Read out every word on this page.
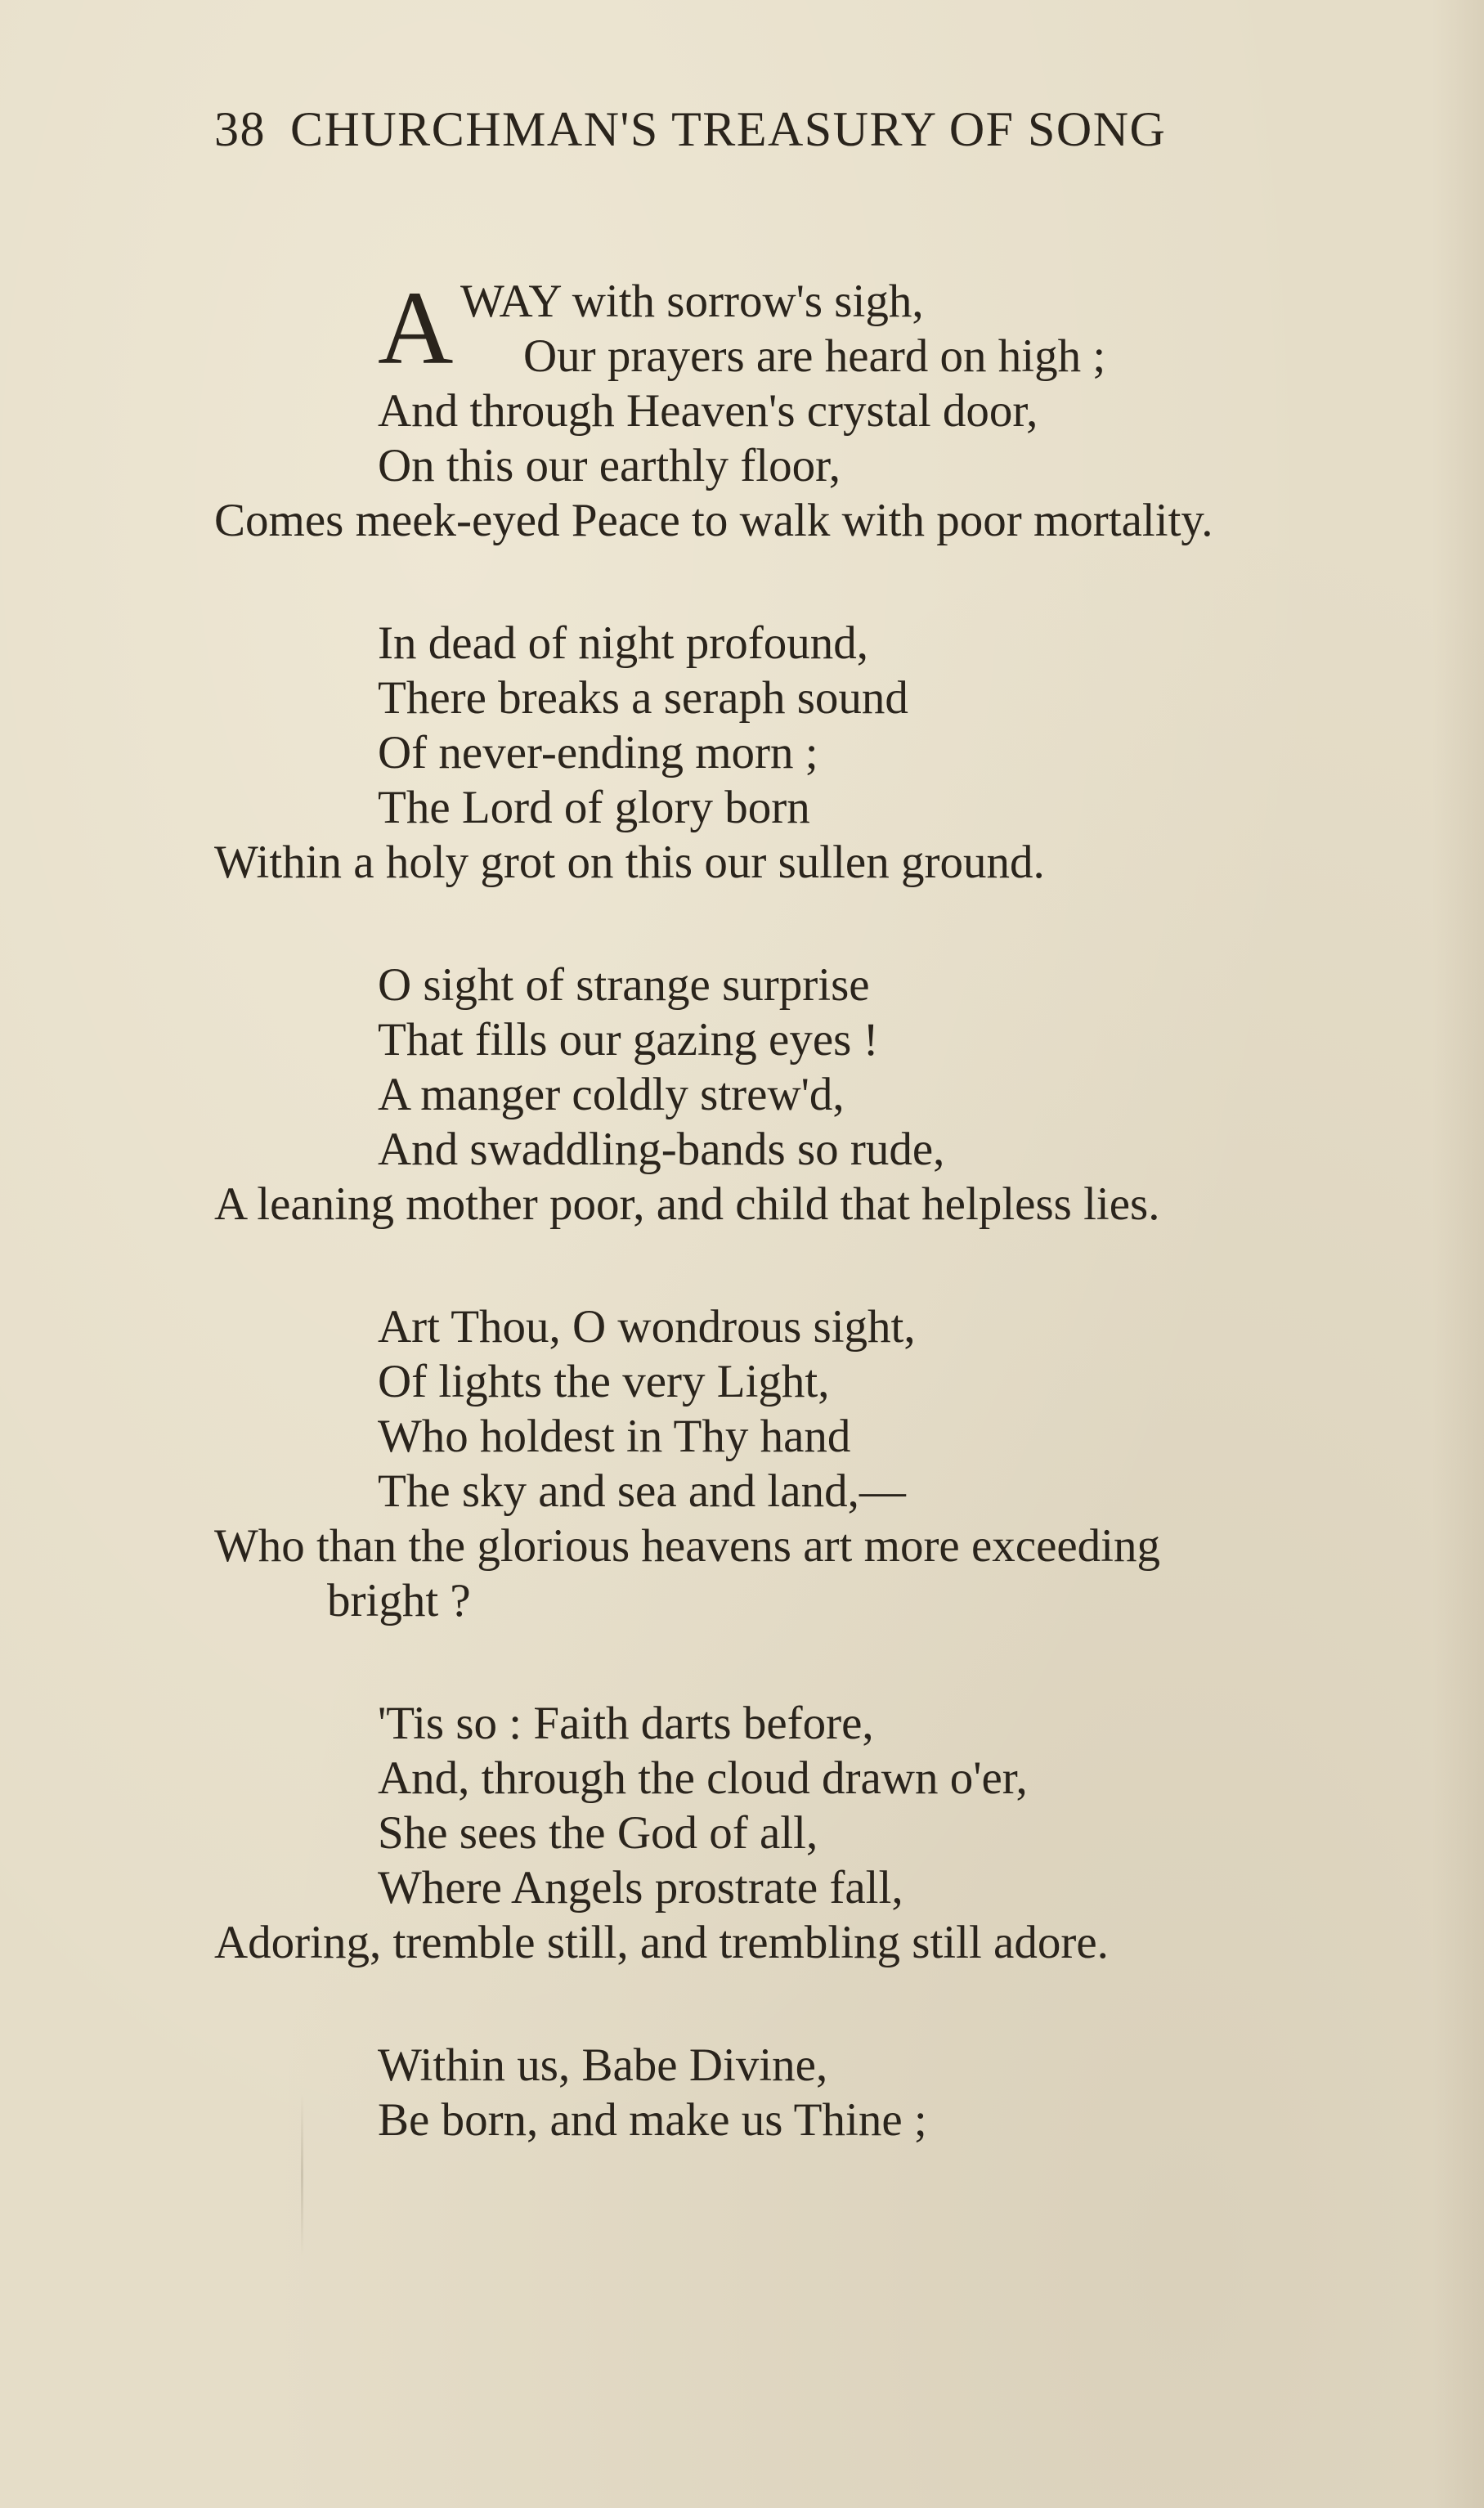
38 CHURCHMAN'S TREASURY OF SONG
A WAY with sorrow's sigh,
Our prayers are heard on high ;
And through Heaven's crystal door,
On this our earthly floor,
Comes meek-eyed Peace to walk with poor mortality.
In dead of night profound,
There breaks a seraph sound
Of never-ending morn ;
The Lord of glory born
Within a holy grot on this our sullen ground.
O sight of strange surprise
That fills our gazing eyes !
A manger coldly strew'd,
And swaddling-bands so rude,
A leaning mother poor, and child that helpless lies.
Art Thou, O wondrous sight,
Of lights the very Light,
Who holdest in Thy hand
The sky and sea and land,—
Who than the glorious heavens art more exceeding
bright ?
'Tis so : Faith darts before,
And, through the cloud drawn o'er,
She sees the God of all,
Where Angels prostrate fall,
Adoring, tremble still, and trembling still adore.
Within us, Babe Divine,
Be born, and make us Thine ;
